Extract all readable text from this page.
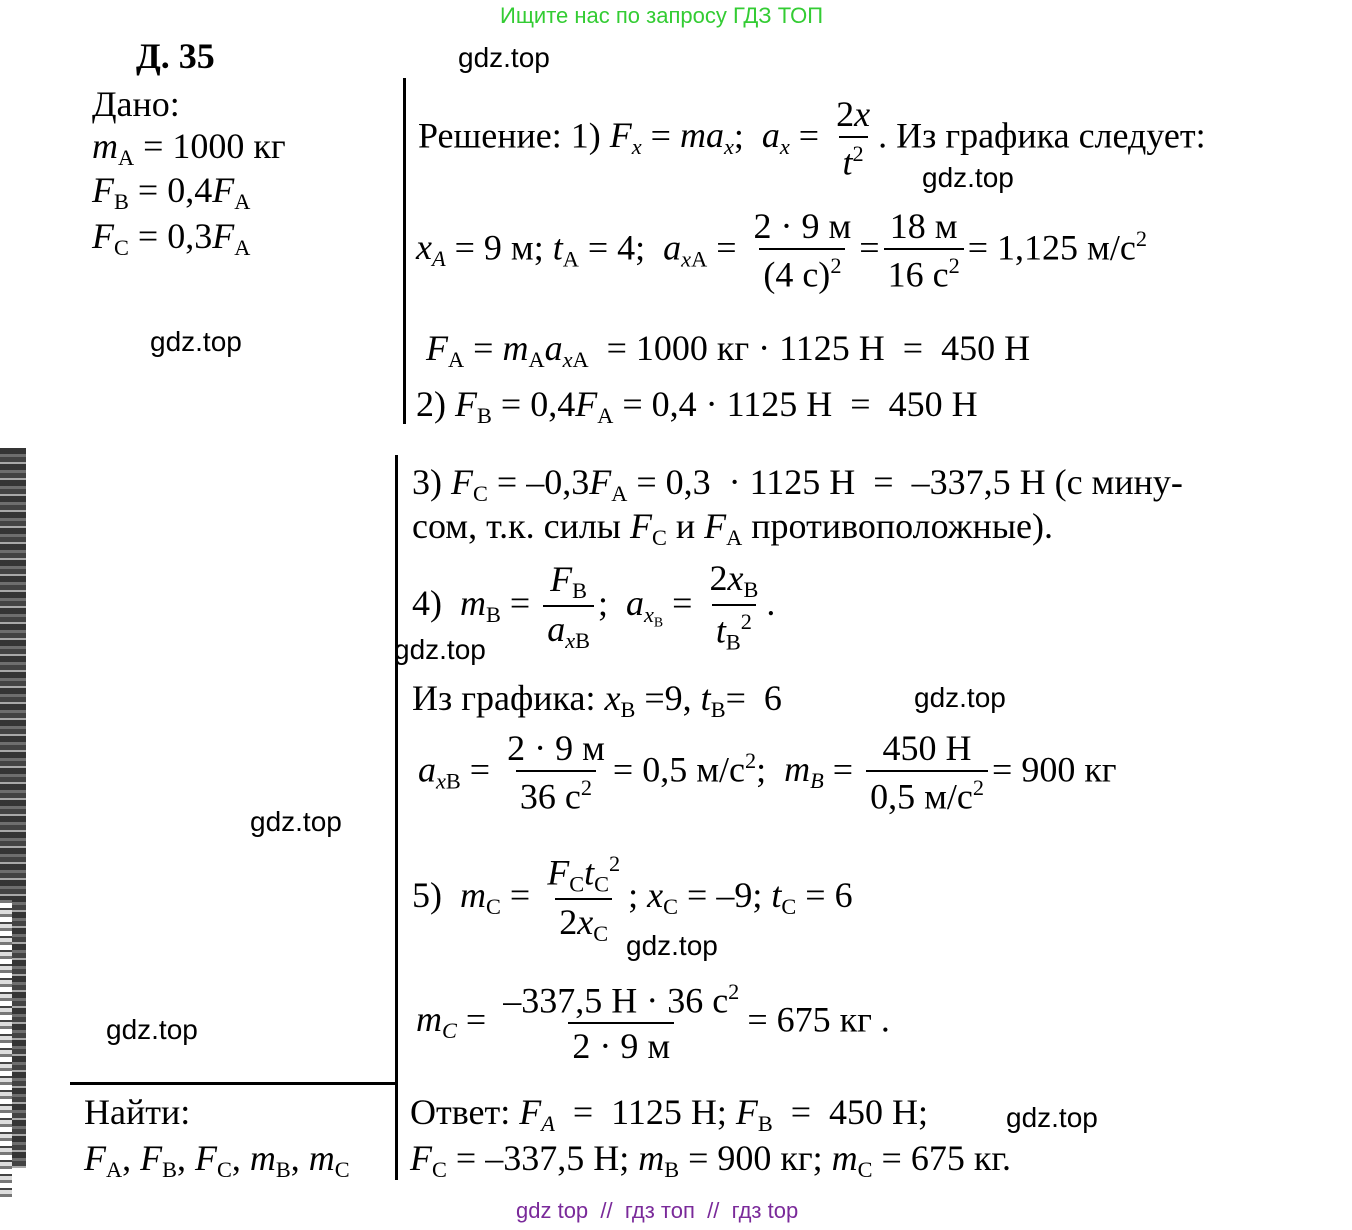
Ищите нас по запросу ГДЗ ТОП
Д. 35
Дано:
$m_А = 1000$ кг
$F_В = 0,4F_А$
$F_С = 0,3F_А$
Решение: 1) $F_x = ma_x$;  $a_x = \frac{2x}{t^2}$ . Из графика следует:
$x_A = 9$ м; $t_А = 4$;  $a_{xА} = \frac{2 \cdot 9 м}{(4 с)^2} = \frac{18 м}{16 с^2} = 1,125$ $м/с^2$
$F_А = m_Аa_{xА} = 1000$ кг · 1125 Н  =  450 Н
2) $F_В = 0,4F_А = 0,4 \cdot 1125$ Н  =  450 Н
3) $F_С = -0,3F_А = 0,3 \cdot 1125$ Н  =  –337,5 Н (с мину-
сом, т.к. силы $F_С$ и $F_А$ противоположные).
4)  $m_В = \frac{F_В}{a_{xВ}}$ ;  $a_{x_В} = \frac{2x_В}{t_В^2}$ .
Из графика: $x_В =9$, $t_В= 6$
$a_{xВ} = \frac{2 \cdot 9 м}{36 с^2} = 0,5$ $м/с^2$;  $m_B = \frac{450 Н}{0,5 м/с^2} = 900$ кг
5)  $m_С = \frac{F_Сt_С^2}{2x_С}$ ; $x_С = -9$; $t_С = 6$
$m_C = \frac{-337,5 Н \cdot 36 с^2}{2 \cdot 9 м} = 675$ кг .
Найти:
$F_А$, $F_В$, $F_С$, $m_В$, $m_С$
Ответ: $F_A = 1125$ Н; $F_В = 450$ Н;
$F_С = -337,5$ Н; $m_В = 900$ кг; $m_С = 675$ кг.
gdz.top
gdz.top
gdz.top
gdz.top
gdz.top
gdz.top
gdz.top
gdz.top
gdz.top
gdz top  //  гдз топ  //  гдз top
